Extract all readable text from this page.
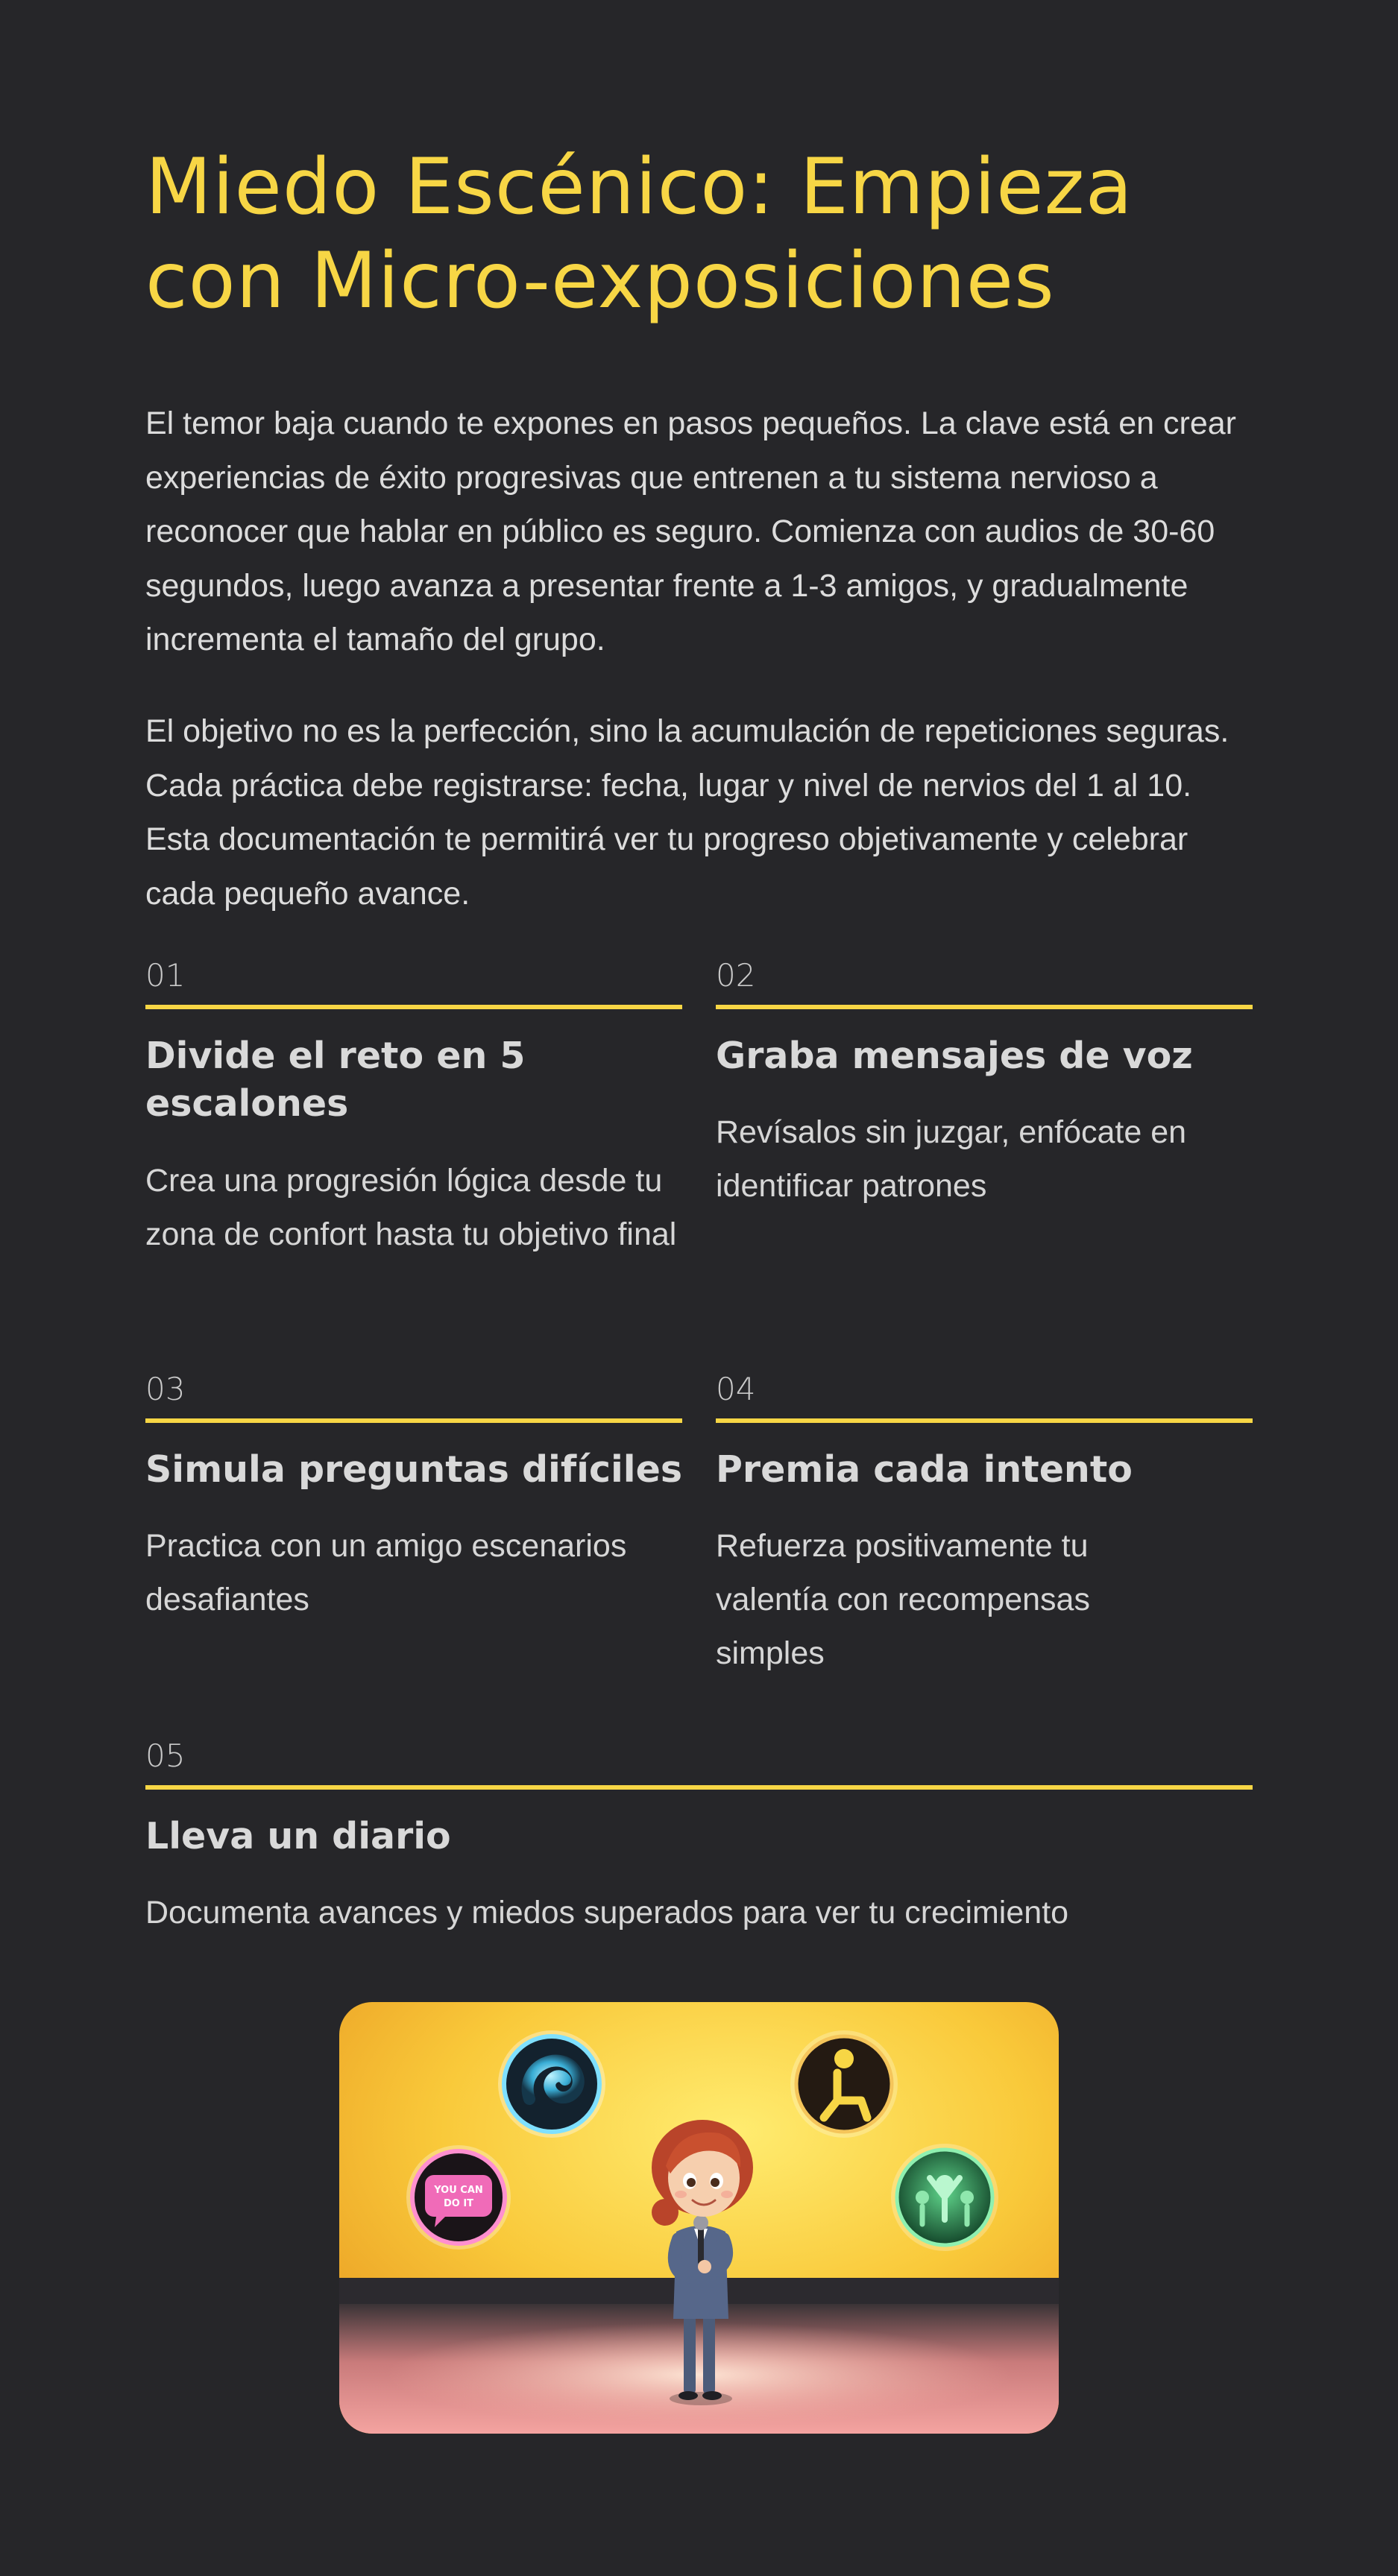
Miedo Escénico: Empieza
con Micro-exposiciones

El temor baja cuando te expones en pasos pequeños. La clave está en crear experiencias de éxito progresivas que entrenen a tu sistema nervioso a reconocer que hablar en público es seguro. Comienza con audios de 30-60 segundos, luego avanza a presentar frente a 1-3 amigos, y gradualmente incrementa el tamaño del grupo.

El objetivo no es la perfección, sino la acumulación de repeticiones seguras. Cada práctica debe registrarse: fecha, lugar y nivel de nervios del 1 al 10. Esta documentación te permitirá ver tu progreso objetivamente y celebrar cada pequeño avance.

01
Divide el reto en 5 escalones

Crea una progresión lógica desde tu zona de confort hasta tu objetivo final

02
Graba mensajes de voz

Revísalos sin juzgar, enfócate en identificar patrones

03
Simula preguntas difíciles

Practica con un amigo escenarios desafiantes

04
Premia cada intento

Refuerza positivamente tu valentía con recompensas simples

05
Lleva un diario

Documenta avances y miedos superados para ver tu crecimiento

YOU CAN
DO IT
